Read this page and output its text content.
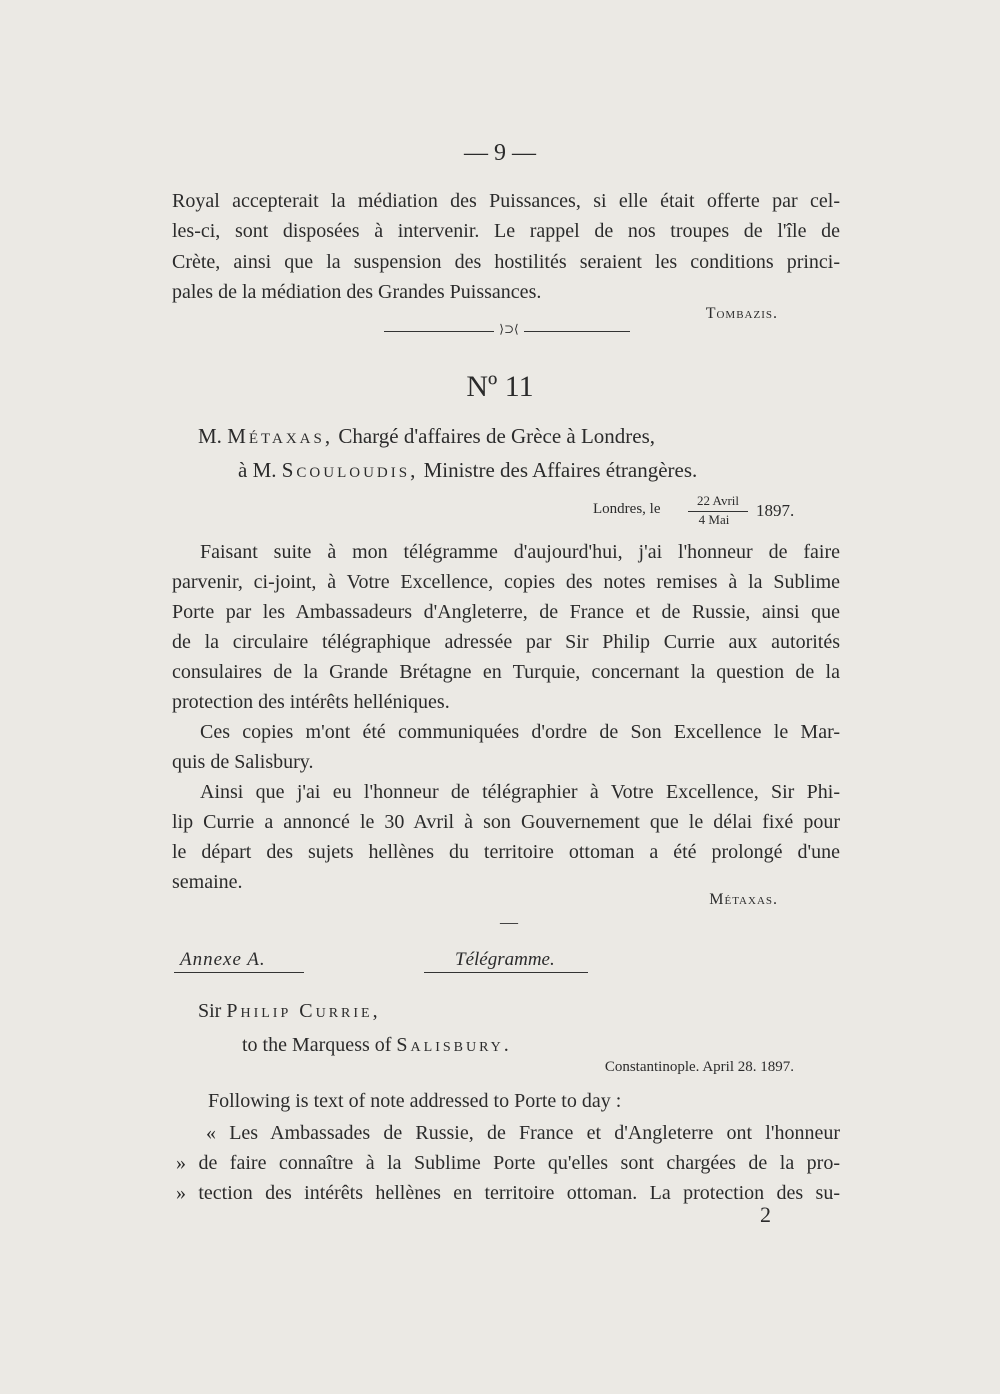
— 9 —
Royal accepterait la médiation des Puissances, si elle était offerte par cel-
les-ci, sont disposées à intervenir. Le rappel de nos troupes de l'île de
Crète, ainsi que la suspension des hostilités seraient les conditions princi-
pales de la médiation des Grandes Puissances.
Tombazis.
⟩⊃⟨
Nº 11
M. Métaxas, Chargé d'affaires de Grèce à Londres,
à M. Scouloudis, Ministre des Affaires étrangères.
Londres, le
22 Avril
4 Mai	1897.
Faisant suite à mon télégramme d'aujourd'hui, j'ai l'honneur de faire
parvenir, ci-joint, à Votre Excellence, copies des notes remises à la Sublime
Porte par les Ambassadeurs d'Angleterre, de France et de Russie, ainsi que
de la circulaire télégraphique adressée par Sir Philip Currie aux autorités
consulaires de la Grande Brétagne en Turquie, concernant la question de la
protection des intérêts helléniques.
Ces copies m'ont été communiquées d'ordre de Son Excellence le Mar-
quis de Salisbury.
Ainsi que j'ai eu l'honneur de télégraphier à Votre Excellence, Sir Phi-
lip Currie a annoncé le 30 Avril à son Gouvernement que le délai fixé pour
le départ des sujets hellènes du territoire ottoman a été prolongé d'une
semaine.
Métaxas.
—
Annexe A.	Télégramme.
Sir Philip Currie,
to the Marquess of Salisbury.
Constantinople. April 28. 1897.
Following is text of note addressed to Porte to day :
« Les Ambassades de Russie, de France et d'Angleterre ont l'honneur
» de faire connaître à la Sublime Porte qu'elles sont chargées de la pro-
» tection des intérêts hellènes en territoire ottoman. La protection des su-
2
